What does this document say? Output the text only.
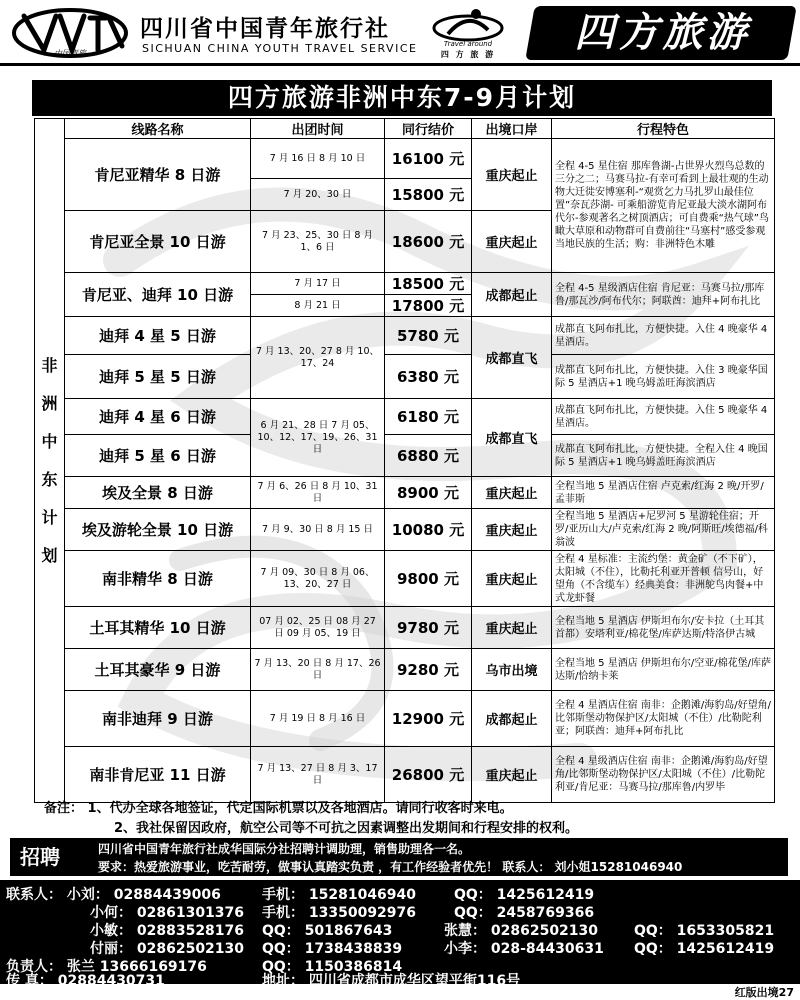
中国青旅
四川省中国青年旅行社
SICHUAN CHINA YOUTH TRAVEL SERVICE	Travel around
四 方 旅 游	四方旅游
四方旅游非洲中东7-9月计划
非 洲 中 东 计 划	线路名称	出团时间	同行结价	出境口岸	行程特色
	肯尼亚精华 8 日游	7 月 16 日 8 月 10 日	16100 元	重庆起止	全程 4-5 星住宿 那库鲁湖-占世界火烈鸟总数的三分之二；马赛马拉-有幸可看到上最壮观的生动物大迁徙安博塞利-“观赏乞力马扎罗山最佳位置”奈瓦莎湖- 可乘船游览肯尼亚最大淡水湖阿布代尔-参观著名之树顶酒店；可自费乘“热气球”鸟瞰大草原和动物群可自费前往“马塞村”感受参观当地民族的生活；购：非洲特色木雕
		7 月 20、30 日	15800 元		
	肯尼亚全景 10 日游	7 月 23、25、30 日 8 月 1、6 日	18600 元	重庆起止	
	肯尼亚、迪拜 10 日游	7 月 17 日	18500 元	成都起止	全程 4-5 星级酒店住宿 肯尼亚：马赛马拉/那库鲁/那瓦沙/阿布代尔；阿联酋：迪拜+阿布扎比
		8 月 21 日	17800 元		
	迪拜 4 星 5 日游	7 月 13、20、27 8 月 10、17、24	5780 元	成都直飞	成都直飞阿布扎比，方便快捷。入住 4 晚豪华 4 星酒店。
	迪拜 5 星 5 日游		6380 元		成都直飞阿布扎比，方便快捷。入住 3 晚豪华国际 5 星酒店+1 晚乌姆盖旺海滨酒店
	迪拜 4 星 6 日游	6 月 21、28 日 7 月 05、10、12、17、19、26、31 日	6180 元	成都直飞	成都直飞阿布扎比，方便快捷。入住 5 晚豪华 4 星酒店。
	迪拜 5 星 6 日游		6880 元		成都直飞阿布扎比，方便快捷。全程入住 4 晚国际 5 星酒店+1 晚乌姆盖旺海滨酒店
	埃及全景 8 日游	7 月 6、26 日 8 月 10、31 日	8900 元	重庆起止	全程当地 5 星酒店住宿 卢克索/红海 2 晚/开罗/孟菲斯
	埃及游轮全景 10 日游	7 月 9、30 日 8 月 15 日	10080 元	重庆起止	全程当地 5 星酒店+尼罗河 5 星游轮住宿；开罗/亚历山大/卢克索/红海 2 晚/阿斯旺/埃德福/科翁波
	南非精华 8 日游	7 月 09、30 日 8 月 06、13、20、27 日	9800 元	重庆起止	全程 4 星标准：主流约堡：黄金矿（不下矿），太阳城（不住），比勒托利亚开普顿 信号山，好望角（不含缆车）经典美食：非洲鸵鸟肉餐+中式龙虾餐
	土耳其精华 10 日游	07 月 02、25 日 08 月 27 日 09 月 05、19 日	9780 元	重庆起止	全程当地 5 星酒店 伊斯坦布尔/安卡拉（土耳其首都）安塔利亚/棉花堡/库萨达斯/特洛伊古城
	土耳其豪华 9 日游	7 月 13、20 日 8 月 17、26 日	9280 元	乌市出境	全程当地 5 星酒店 伊斯坦布尔/空亚/棉花堡/库萨达斯/恰纳卡莱
	南非迪拜 9 日游	7 月 19 日 8 月 16 日	12900 元	成都起止	全程 4 星酒店住宿 南非：企鹅滩/海豹岛/好望角/比邻斯堡动物保护区/太阳城（不住）/比勒陀利亚；阿联酋：迪拜+阿布扎比
	南非肯尼亚 11 日游	7 月 13、27 日 8 月 3、17 日	26800 元	重庆起止	全程 4 星级酒店住宿 南非：企鹅滩/海豹岛/好望角/比邻斯堡动物保护区/太阳城（不住）/比勒陀利亚/肯尼亚：马赛马拉/那库鲁/内罗毕
备注： 1、代办全球各地签证，代定国际机票以及各地酒店。请同行收客时来电。
2、我社保留因政府，航空公司等不可抗之因素调整出发期间和行程安排的权利。
招聘	四川省中国青年旅行社成华国际分社招聘计调助理，销售助理各一名。
要求：热爱旅游事业，吃苦耐劳，做事认真踏实负责 ，有工作经验者优先！ 联系人： 刘小姐15281046940
联系人： 小刘： 02884439006	手机： 15281046940	QQ： 1425612419
小何： 02861301376 手机： 13350092976	QQ： 2458769366
小敏： 02883528176 QQ： 501867643	张慧： 02862502130	QQ： 1653305821
付丽： 02862502130 QQ： 1738438839	小李： 028-84430631 QQ： 1425612419
负责人： 张兰 13666169176	QQ： 1150386814
传 真： 02884430731	地址： 四川省成都市成华区望平街116号
红版出境27
